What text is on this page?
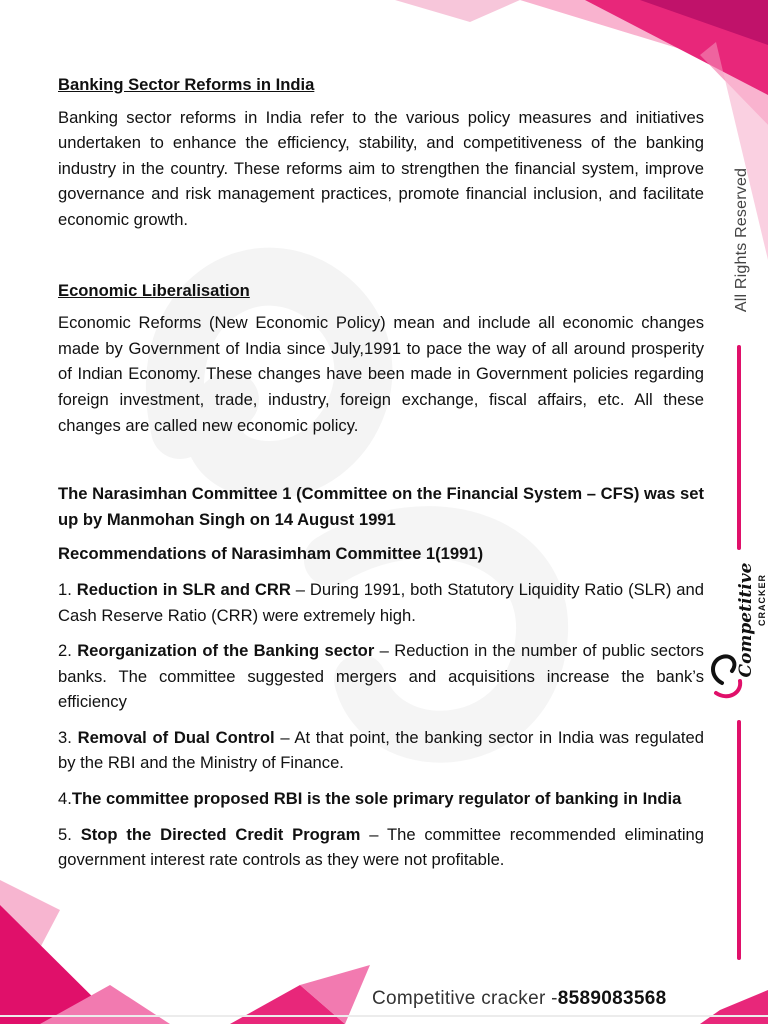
Banking Sector Reforms in India

Banking sector reforms in India refer to the various policy measures and initiatives undertaken to enhance the efficiency, stability, and competitiveness of the banking industry in the country. These reforms aim to strengthen the financial system, improve governance and risk management practices, promote financial inclusion, and facilitate economic growth.

Economic Liberalisation

Economic Reforms (New Economic Policy) mean and include all economic changes made by Government of India since July,1991 to pace the way of all around prosperity of Indian Economy. These changes have been made in Government policies regarding foreign investment, trade, industry, foreign exchange, fiscal affairs, etc. All these changes are called new economic policy.

The Narasimhan Committee 1 (Committee on the Financial System – CFS) was set up by Manmohan Singh on 14 August 1991

Recommendations of Narasimham Committee 1(1991)

1. Reduction in SLR and CRR – During 1991, both Statutory Liquidity Ratio (SLR) and Cash Reserve Ratio (CRR) were extremely high.

2. Reorganization of the Banking sector – Reduction in the number of public sectors banks. The committee suggested mergers and acquisitions increase the bank’s efficiency

3. Removal of Dual Control – At that point, the banking sector in India was regulated by the RBI and the Ministry of Finance.

4.The committee proposed RBI is the sole primary regulator of banking in India

5. Stop the Directed Credit Program – The committee recommended eliminating government interest rate controls as they were not profitable.

All Rights Reserved
Competitive CRACKER
Competitive cracker -8589083568
